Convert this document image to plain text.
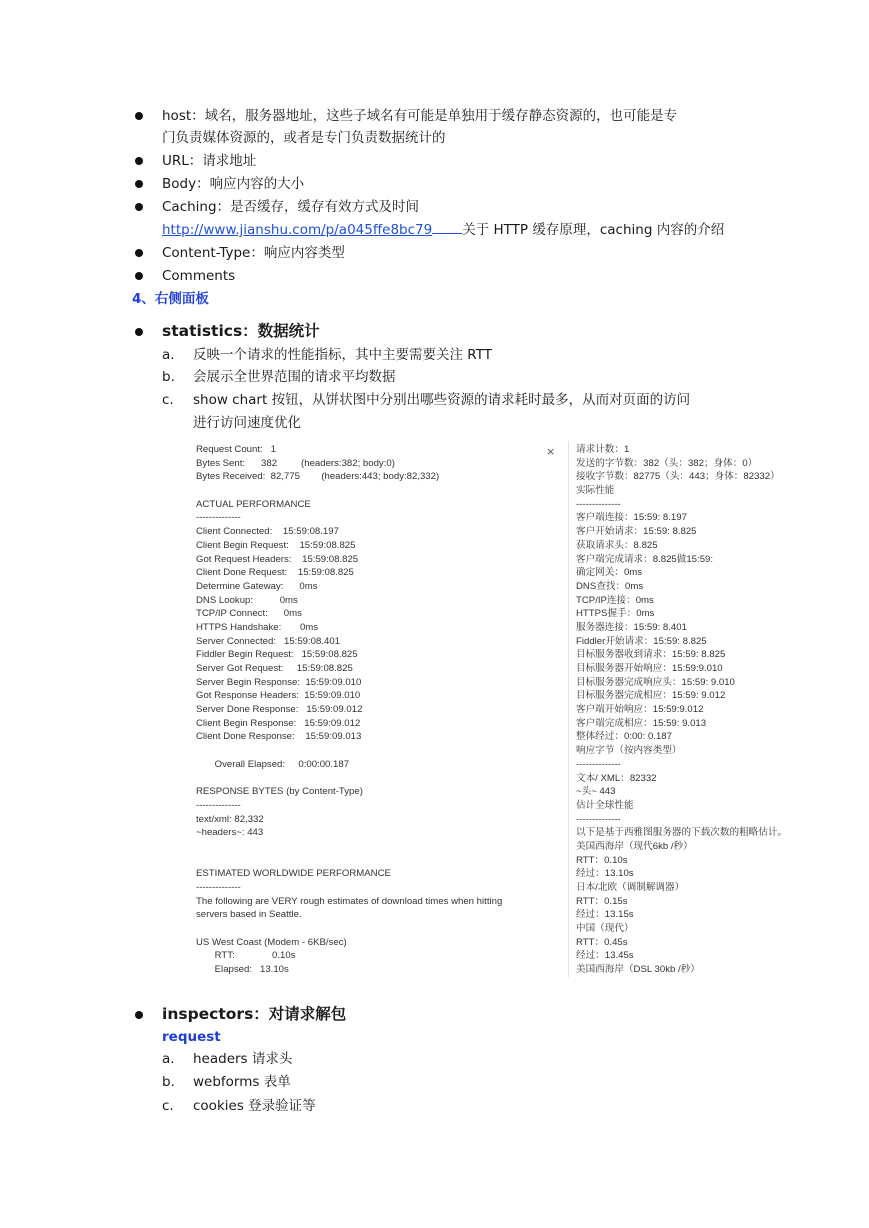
host：域名，服务器地址，这些子域名有可能是单独用于缓存静态资源的，也可能是专
门负责媒体资源的，或者是专门负责数据统计的
URL：请求地址
Body：响应内容的大小
Caching：是否缓存，缓存有效方式及时间
http://www.jianshu.com/p/a045ffe8bc79 关于 HTTP 缓存原理，caching 内容的介绍
Content-Type：响应内容类型
Comments
4、右侧面板
statistics：数据统计
a. 反映一个请求的性能指标，其中主要需要关注 RTT
b. 会展示全世界范围的请求平均数据
c. show chart 按钮，从饼状图中分别出哪些资源的请求耗时最多，从而对页面的访问
进行访问速度优化
×
Request Count:   1
Bytes Sent:      382         (headers:382; body:0)
Bytes Received:  82,775        (headers:443; body:82,332)
ACTUAL PERFORMANCE
--------------
Client Connected:    15:59:08.197
Client Begin Request:    15:59:08.825
Got Request Headers:    15:59:08.825
Client Done Request:    15:59:08.825
Determine Gateway:      0ms
DNS Lookup:          0ms
TCP/IP Connect:      0ms
HTTPS Handshake:       0ms
Server Connected:   15:59:08.401
Fiddler Begin Request:   15:59:08.825
Server Got Request:     15:59:08.825
Server Begin Response:  15:59:09.010
Got Response Headers:  15:59:09.010
Server Done Response:   15:59:09.012
Client Begin Response:   15:59:09.012
Client Done Response:    15:59:09.013
Overall Elapsed:     0:00:00.187
RESPONSE BYTES (by Content-Type)
--------------
text/xml: 82,332
~headers~: 443
ESTIMATED WORLDWIDE PERFORMANCE
--------------
The following are VERY rough estimates of download times when hitting
servers based in Seattle.
US West Coast (Modem - 6KB/sec)
RTT:              0.10s
Elapsed:   13.10s
请求计数：1
发送的字节数：382（头：382；身体：0）
接收字节数：82775（头：443；身体：82332）
实际性能
--------------
客户端连接：15:59: 8.197
客户开始请求：15:59: 8.825
获取请求头：8.825
客户端完成请求：8.825做15:59:
确定网关：0ms
DNS查找：0ms
TCP/IP连接：0ms
HTTPS握手：0ms
服务器连接：15:59: 8.401
Fiddler开始请求：15:59: 8.825
目标服务器收到请求：15:59: 8.825
目标服务器开始响应：15:59:9.010
目标服务器完成响应头：15:59: 9.010
目标服务器完成相应：15:59: 9.012
客户端开始响应：15:59:9.012
客户端完成相应：15:59: 9.013
整体经过：0:00: 0.187
响应字节（按内容类型）
--------------
文本/ XML：82332
~头~ 443
估计全球性能
--------------
以下是基于西雅图服务器的下载次数的粗略估计。
美国西海岸（现代6kb /秒）
RTT：0.10s
经过：13.10s
日本/北欧（调制解调器）
RTT：0.15s
经过：13.15s
中国（现代）
RTT：0.45s
经过：13.45s
美国西海岸（DSL 30kb /秒）
inspectors：对请求解包
request
a. headers 请求头
b. webforms 表单
c. cookies 登录验证等
